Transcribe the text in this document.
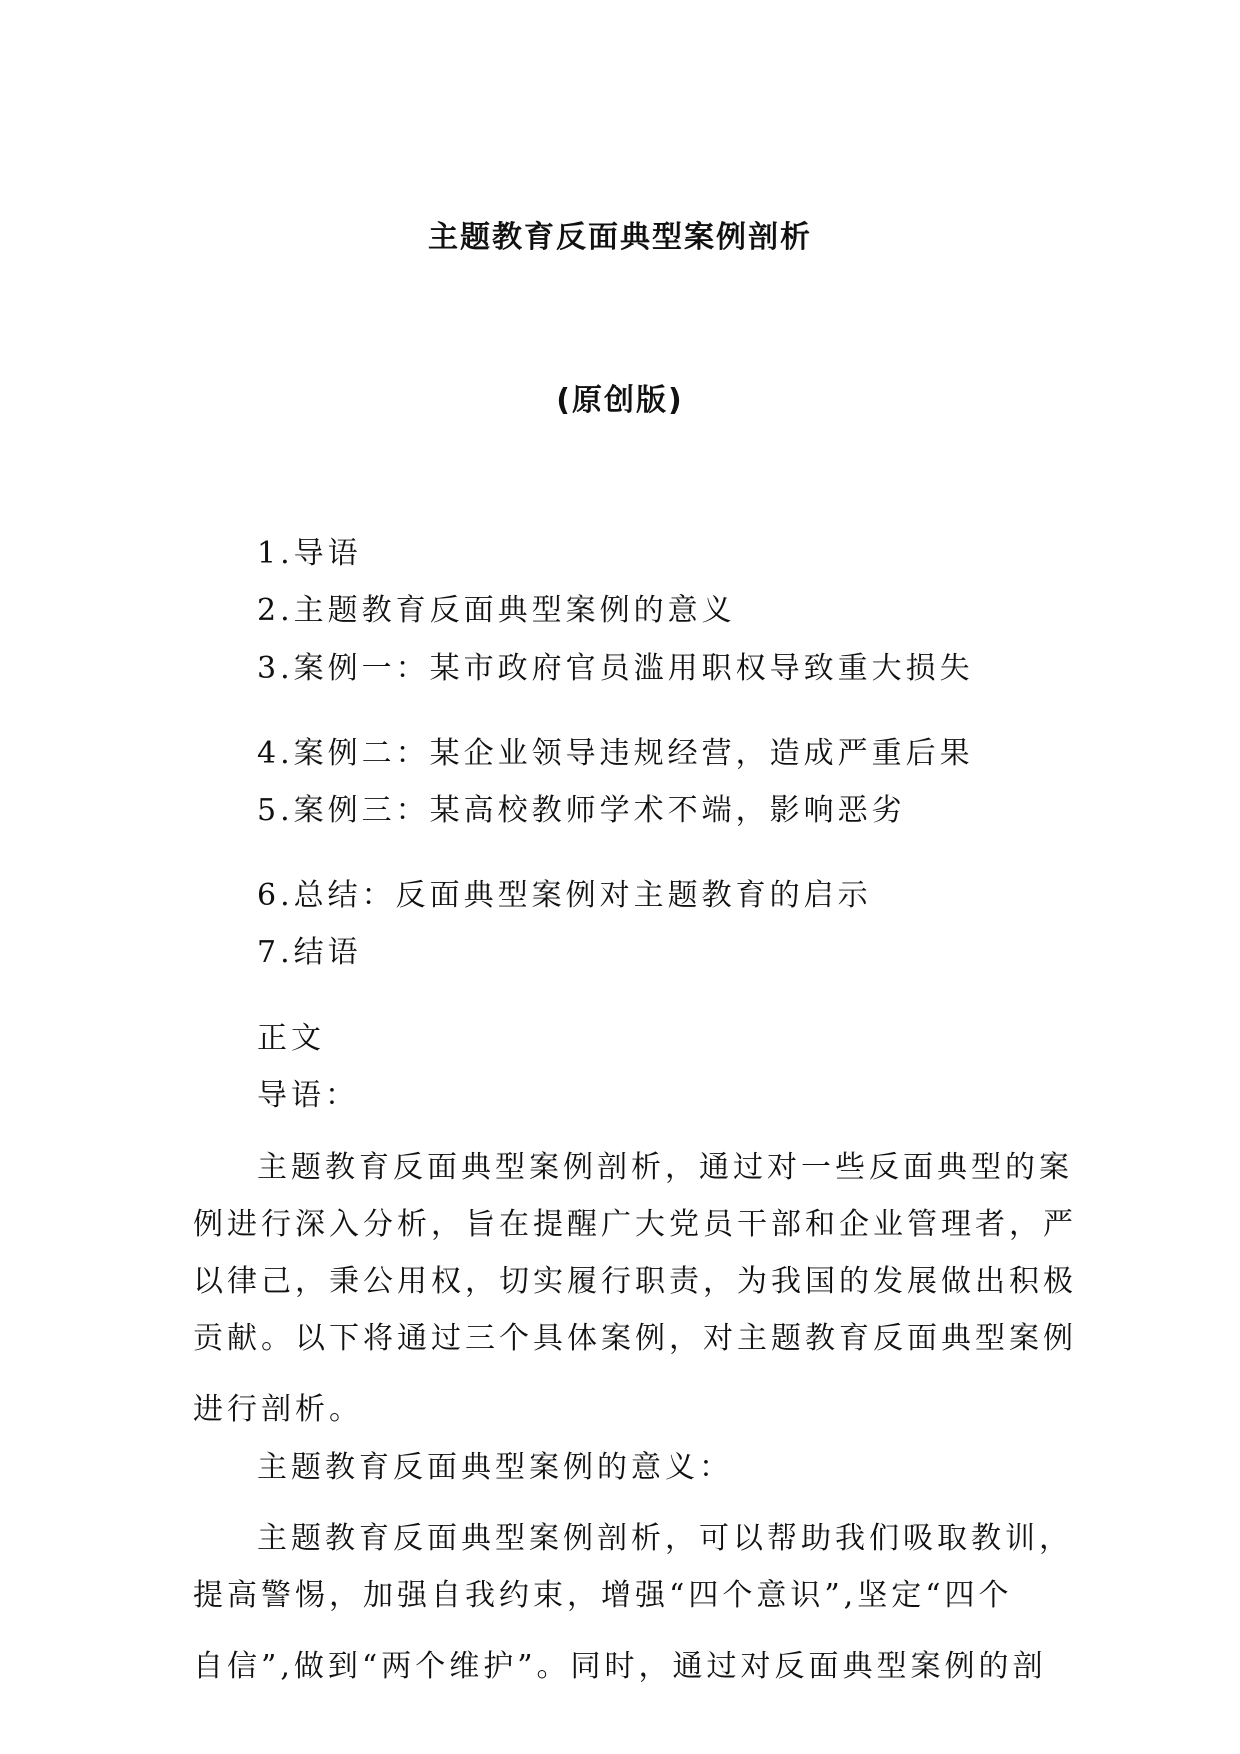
主题教育反面典型案例剖析
(原创版)
1.导语
2.主题教育反面典型案例的意义
3.案例一：某市政府官员滥用职权导致重大损失
4.案例二：某企业领导违规经营，造成严重后果
5.案例三：某高校教师学术不端，影响恶劣
6.总结：反面典型案例对主题教育的启示
7.结语
正文
导语：
主题教育反面典型案例剖析，通过对一些反面典型的案
例进行深入分析，旨在提醒广大党员干部和企业管理者，严
以律己，秉公用权，切实履行职责，为我国的发展做出积极
贡献。以下将通过三个具体案例，对主题教育反面典型案例
进行剖析。
主题教育反面典型案例的意义：
主题教育反面典型案例剖析，可以帮助我们吸取教训，
提高警惕，加强自我约束，增强“四个意识”,坚定“四个
自信”,做到“两个维护”。同时，通过对反面典型案例的剖
